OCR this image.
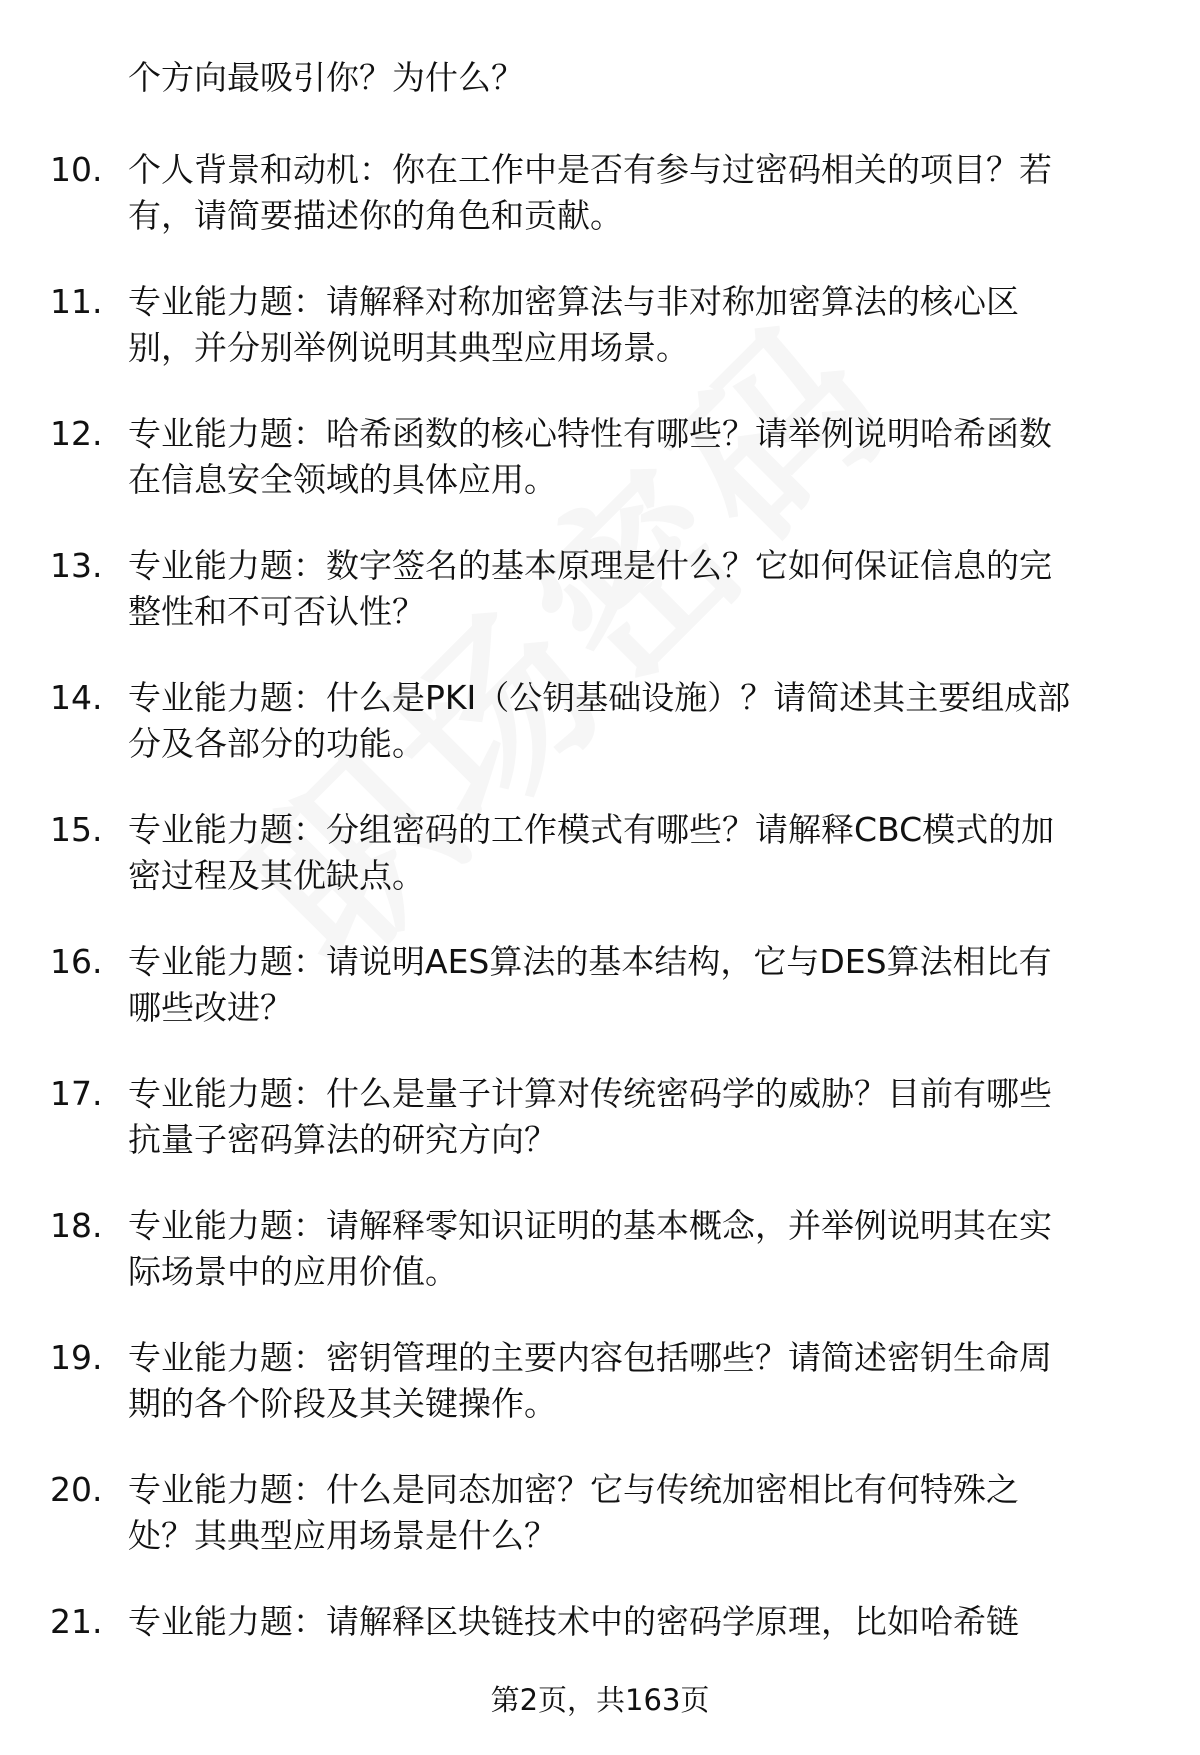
个方向最吸引你？为什么？
10. 个人背景和动机：你在工作中是否有参与过密码相关的项目？若
有，请简要描述你的角色和贡献。
11. 专业能力题：请解释对称加密算法与非对称加密算法的核心区
别，并分别举例说明其典型应用场景。
12. 专业能力题：哈希函数的核心特性有哪些？请举例说明哈希函数
在信息安全领域的具体应用。
13. 专业能力题：数字签名的基本原理是什么？它如何保证信息的完
整性和不可否认性？
14. 专业能力题：什么是PKI（公钥基础设施）？请简述其主要组成部
分及各部分的功能。
15. 专业能力题：分组密码的工作模式有哪些？请解释CBC模式的加
密过程及其优缺点。
16. 专业能力题：请说明AES算法的基本结构，它与DES算法相比有
哪些改进？
17. 专业能力题：什么是量子计算对传统密码学的威胁？目前有哪些
抗量子密码算法的研究方向？
18. 专业能力题：请解释零知识证明的基本概念，并举例说明其在实
际场景中的应用价值。
19. 专业能力题：密钥管理的主要内容包括哪些？请简述密钥生命周
期的各个阶段及其关键操作。
20. 专业能力题：什么是同态加密？它与传统加密相比有何特殊之
处？其典型应用场景是什么？
21. 专业能力题：请解释区块链技术中的密码学原理，比如哈希链
第2页，共163页
